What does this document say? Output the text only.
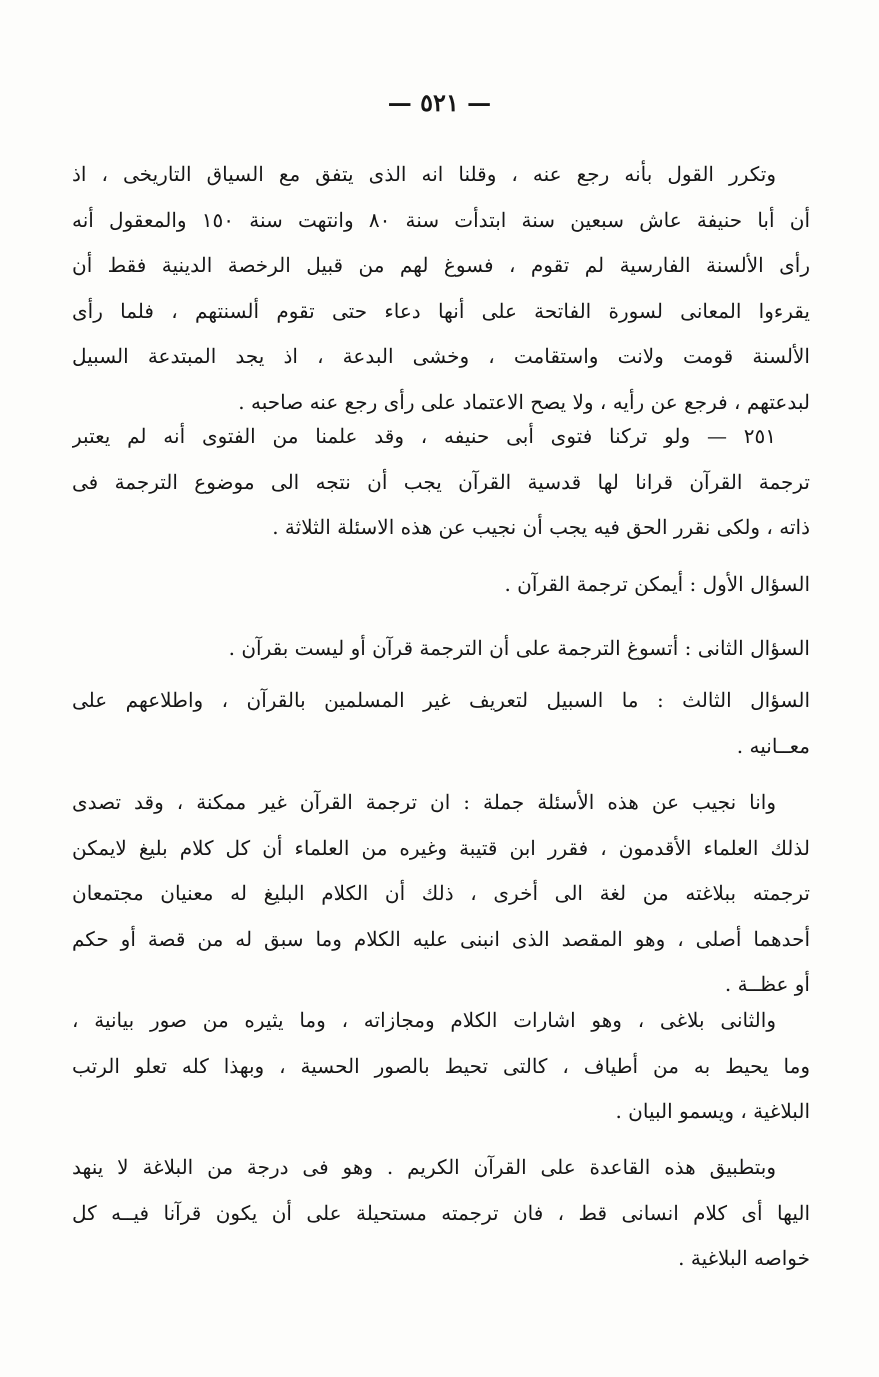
— ٥٢١ —
وتكرر القول بأنه رجع عنه ، وقلنا انه الذى يتفق مع السياق التاريخى ، اذ
أن أبا حنيفة عاش سبعين سنة ابتدأت سنة ٨٠ وانتهت سنة ١٥٠ والمعقول أنه
رأى الألسنة الفارسية لم تقوم ، فسوغ لهم من قبيل الرخصة الدينية فقط أن
يقرءوا المعانى لسورة الفاتحة على أنها دعاء حتى تقوم ألسنتهم ، فلما رأى
الألسنة قومت ولانت واستقامت ، وخشى البدعة ، اذ يجد المبتدعة السبيل
لبدعتهم ، فرجع عن رأيه ، ولا يصح الاعتماد على رأى رجع عنه صاحبه .
٢٥١ — ولو تركنا فتوى أبى حنيفه ، وقد علمنا من الفتوى أنه لم يعتبر
ترجمة القرآن قرانا لها قدسية القرآن يجب أن نتجه الى موضوع الترجمة فى
ذاته ، ولكى نقرر الحق فيه يجب أن نجيب عن هذه الاسئلة الثلاثة .
السؤال الأول : أيمكن ترجمة القرآن .
السؤال الثانى : أتسوغ الترجمة على أن الترجمة قرآن أو ليست بقرآن .
السؤال الثالث : ما السبيل لتعريف غير المسلمين بالقرآن ، واطلاعهم على
معــانيه .
وانا نجيب عن هذه الأسئلة جملة : ان ترجمة القرآن غير ممكنة ، وقد تصدى
لذلك العلماء الأقدمون ، فقرر ابن قتيبة وغيره من العلماء أن كل كلام بليغ لايمكن
ترجمته ببلاغته من لغة الى أخرى ، ذلك أن الكلام البليغ له معنيان مجتمعان
أحدهما أصلى ، وهو المقصد الذى انبنى عليه الكلام وما سبق له من قصة أو حكم
أو عظــة .
والثانى بلاغى ، وهو اشارات الكلام ومجازاته ، وما يثيره من صور بيانية ،
وما يحيط به من أطياف ، كالتى تحيط بالصور الحسية ، وبهذا كله تعلو الرتب
البلاغية ، ويسمو البيان .
وبتطبيق هذه القاعدة على القرآن الكريم . وهو فى درجة من البلاغة لا ينهد
اليها أى كلام انسانى قط ، فان ترجمته مستحيلة على أن يكون قرآنا فيــه كل
خواصه البلاغية .
